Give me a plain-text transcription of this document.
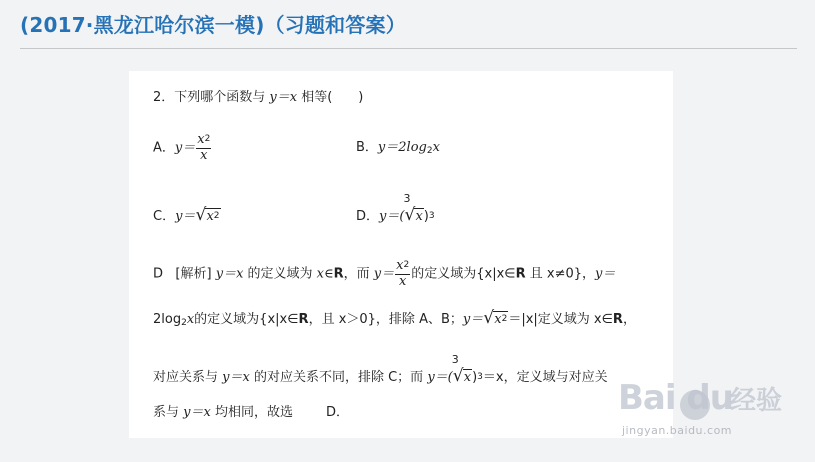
(2017·黑龙江哈尔滨一模)（习题和答案）
2．下列哪个函数与 y＝x 相等(　　)
A．$y= \frac{x^2}{x}$	B．$y=2\log_2x$
C．y＝ √ $x^2$	D．y＝(
3
√ x)$^3$
D [解析] y＝x 的定义域为 x∈R，而 $y= \frac{x^2}{x}$ 的定义域为{x|x∈R 且 x≠0}，y＝
$2\log_2x$的定义域为{x|x∈R，且 x＞0}，排除 A、B；y＝ √ $x^2=|x|$定义域为 x∈R，
对应关系与 y＝x 的对应关系不同，排除 C；而 y＝(
3
√ x)$^3$＝x，定义域与对应关
系与 y＝x 均相同，故选	D．	Bai du
经验
jingyan.baidu.com
